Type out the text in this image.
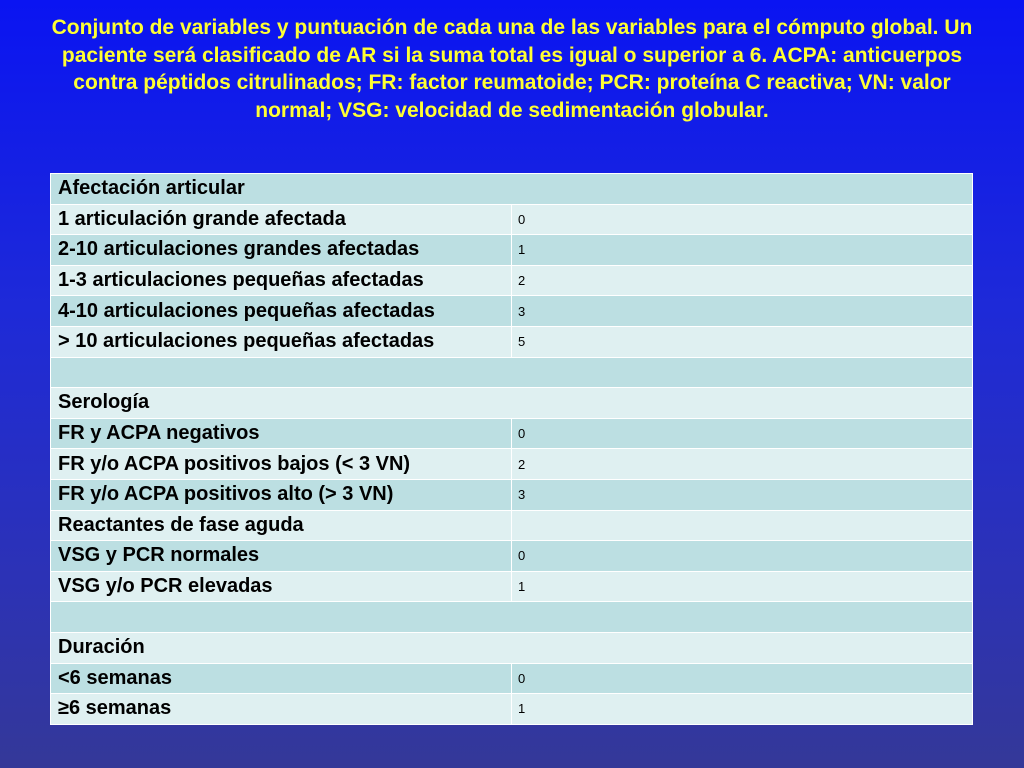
Conjunto de variables y puntuación de cada una de las variables para el cómputo global. Un paciente será clasificado de AR si la suma total es igual o superior a 6. ACPA: anticuerpos contra péptidos citrulinados; FR: factor reumatoide; PCR: proteína C reactiva; VN: valor normal; VSG: velocidad de sedimentación globular.
Afectación articular	
1 articulación grande afectada	0
2-10 articulaciones grandes afectadas	1
1-3 articulaciones pequeñas afectadas	2
4-10 articulaciones pequeñas afectadas	3
> 10 articulaciones pequeñas afectadas	5

Serología	
FR y ACPA negativos	0
FR y/o ACPA positivos bajos (< 3 VN)	2
FR y/o ACPA positivos alto (> 3 VN)	3
Reactantes de fase aguda	
VSG y PCR normales	0
VSG y/o PCR elevadas	1

Duración	
<6 semanas	0
≥6 semanas	1
